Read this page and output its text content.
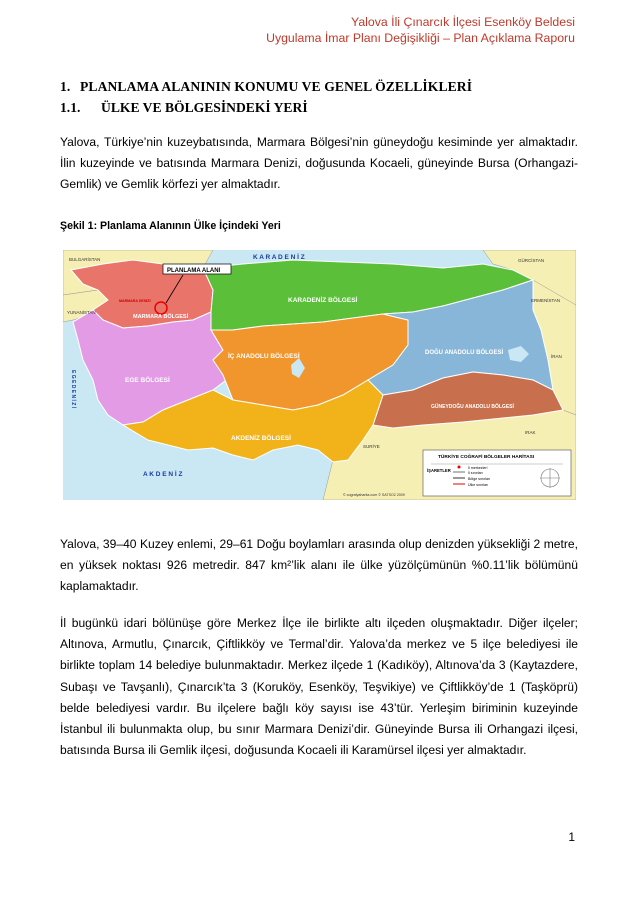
Yalova İli Çınarcık İlçesi Esenköy Beldesi
Uygulama İmar Planı Değişikliği – Plan Açıklama Raporu
1. PLANLAMA ALANININ KONUMU VE GENEL ÖZELLİKLERİ
1.1. ÜLKE VE BÖLGESİNDEKİ YERİ

Yalova, Türkiye’nin kuzeybatısında, Marmara Bölgesi’nin güneydoğu kesiminde yer almaktadır. İlin kuzeyinde ve batısında Marmara Denizi, doğusunda Kocaeli, güneyinde Bursa (Orhangazi-Gemlik) ve Gemlik körfezi yer almaktadır.

Şekil 1: Planlama Alanının Ülke İçindeki Yeri
K A R A D E N İ Z
A K D E N İ Z
MARMARA DENİZİ
PLANLAMA ALANI
MARMARA BÖLGESİ
KARADENİZ BÖLGESİ
EGE BÖLGESİ
İÇ ANADOLU BÖLGESİ	DOĞU ANADOLU BÖLGESİ
AKDENİZ BÖLGESİ
GÜNEYDOĞU ANADOLU BÖLGESİ
BULGARİSTAN
YUNANİSTAN
GÜRCİSTAN
ERMENİSTAN
İRAN
IRAK
SURİYE
TÜRKİYE COĞRAFİ BÖLGELER HARİTASI
İŞARETLER	İl merkezleri
İl sınırları
Bölge sınırları
Ülke sınırları
© cografyaharita.com © SATSO2 2009
E G E D E N İ Z İ

Yalova, 39–40 Kuzey enlemi, 29–61 Doğu boylamları arasında olup denizden yüksekliği 2 metre, en yüksek noktası 926 metredir. 847 km²’lik alanı ile ülke yüzölçümünün %0.11’lik bölümünü kaplamaktadır.

İl bugünkü idari bölünüşe göre Merkez İlçe ile birlikte altı ilçeden oluşmaktadır. Diğer ilçeler; Altınova, Armutlu, Çınarcık, Çiftlikköy ve Termal’dir. Yalova’da merkez ve 5 ilçe belediyesi ile birlikte toplam 14 belediye bulunmaktadır. Merkez ilçede 1 (Kadıköy), Altınova’da 3 (Kaytazdere, Subaşı ve Tavşanlı), Çınarcık’ta 3 (Koruköy, Esenköy, Teşvikiye) ve Çiftlikköy’de 1 (Taşköprü) belde belediyesi vardır. Bu ilçelere bağlı köy sayısı ise 43’tür. Yerleşim biriminin kuzeyinde İstanbul ili bulunmakta olup, bu sınır Marmara Denizi’dir. Güneyinde Bursa ili Orhangazi ilçesi, batısında Bursa ili Gemlik ilçesi, doğusunda Kocaeli ili Karamürsel ilçesi yer almaktadır.

1
